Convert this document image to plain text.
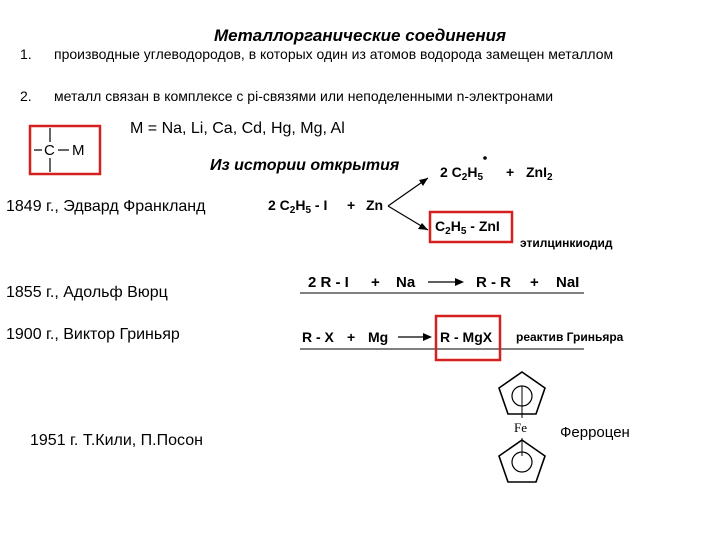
Металлорганические соединения
1. производные углеводородов, в которых один из атомов водорода замещен металлом
2. металл связан в комплексе с pi-связями или неподеленными n-электронами
C M
M = Na, Li, Ca, Cd, Hg, Mg, Al
Из истории открытия
1849 г., Эдвард Франкланд
1855 г., Адольф Вюрц
1900 г., Виктор Гриньяр
1951 г. Т.Кили, П.Посон
2 $C_2H_5 - I + Zn$
2 $C_2H_5 + ZnI_2$
$C_2H_5$ - ZnI
этилцинкиодид
2 R - I + Na	R - R + NaI
R - X + Mg	R - MgX реактив Гриньяра
Fe Ферроцен
